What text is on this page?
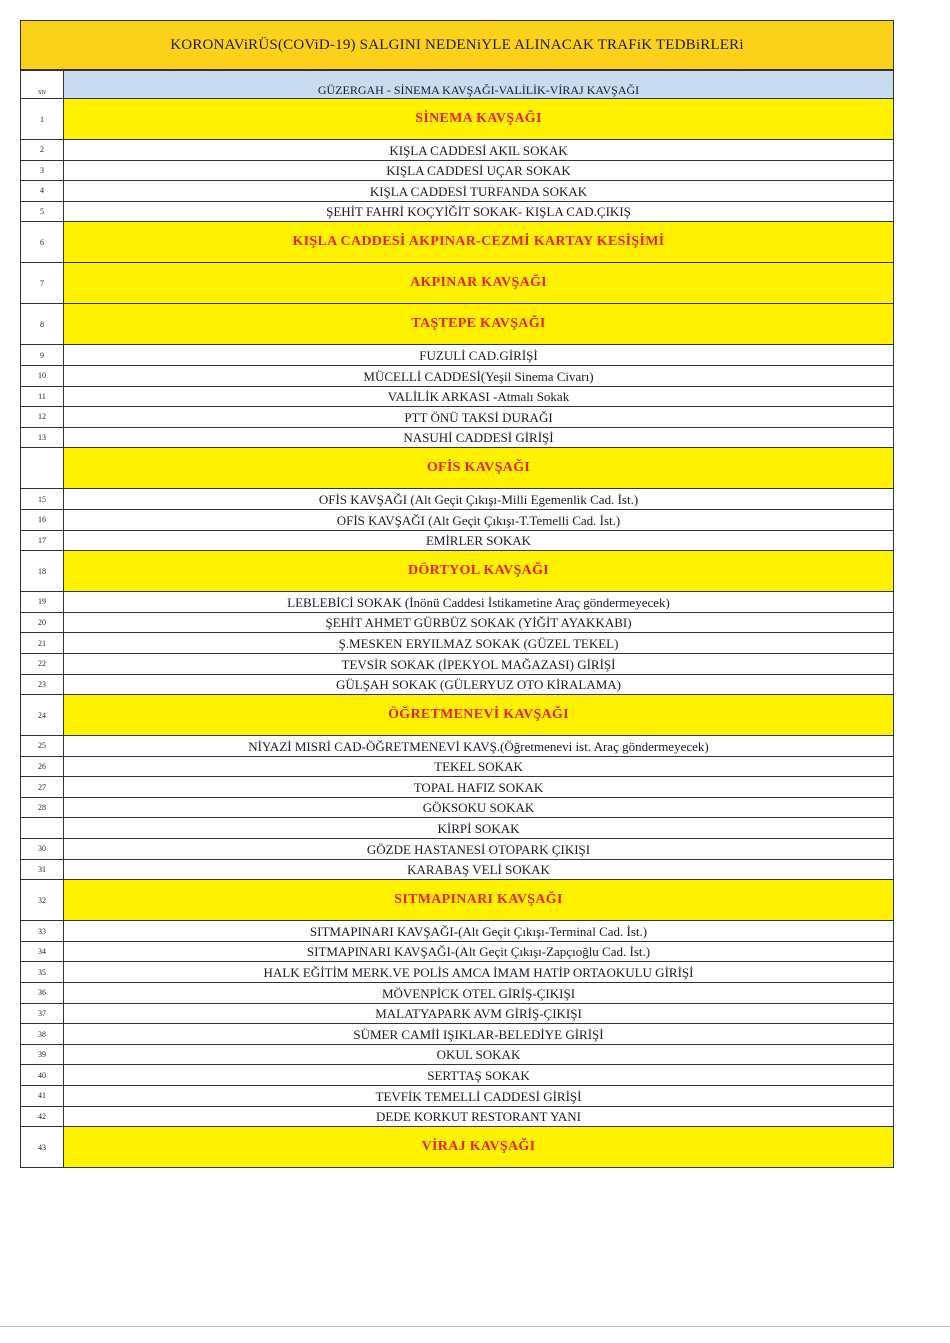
KORONAViRÜS(COViD-19) SALGINI NEDENiYLE ALINACAK TRAFiK TEDBiRLERi
SN	GÜZERGAH - SİNEMA KAVŞAĞI-VALİLİK-VİRAJ KAVŞAĞI
1	SİNEMA KAVŞAĞI
2	KIŞLA CADDESİ AKIL SOKAK
3	KIŞLA CADDESİ UÇAR SOKAK
4	KIŞLA CADDESİ TURFANDA SOKAK
5	ŞEHİT FAHRİ KOÇYİĞİT SOKAK- KIŞLA CAD.ÇIKIŞ
6	KIŞLA CADDESİ AKPINAR-CEZMİ KARTAY KESİŞİMİ
7	AKPINAR KAVŞAĞI
8	TAŞTEPE KAVŞAĞI
9	FUZULİ CAD.GİRİŞİ
10	MÜCELLİ CADDESİ(Yeşil Sinema Civarı)
11	VALİLİK ARKASI -Atmalı Sokak
12	PTT ÖNÜ TAKSİ DURAĞI
13	NASUHİ CADDESİ GİRİŞİ
	OFİS KAVŞAĞI
15	OFİS KAVŞAĞI (Alt Geçit Çıkışı-Milli Egemenlik Cad. İst.)
16	OFİS KAVŞAĞI (Alt Geçit Çıkışı-T.Temelli Cad. İst.)
17	EMİRLER SOKAK
18	DÖRTYOL KAVŞAĞI
19	LEBLEBİCİ SOKAK (İnönü Caddesi İstikametine Araç göndermeyecek)
20	ŞEHİT AHMET GÜRBÜZ SOKAK (YİĞİT AYAKKABI)
21	Ş.MESKEN ERYILMAZ SOKAK (GÜZEL TEKEL)
22	TEVSİR SOKAK (İPEKYOL MAĞAZASI) GİRİŞİ
23	GÜLŞAH SOKAK (GÜLERYUZ OTO KİRALAMA)
24	ÖĞRETMENEVİ KAVŞAĞI
25	NİYAZİ MISRİ CAD-ÖĞRETMENEVİ KAVŞ.(Öğretmenevi ist. Araç göndermeyecek)
26	TEKEL SOKAK
27	TOPAL HAFIZ SOKAK
28	GÖKSOKU SOKAK
	KİRPİ SOKAK
30	GÖZDE HASTANESİ OTOPARK ÇIKIŞI
31	KARABAŞ VELİ SOKAK
32	SITMAPINARI KAVŞAĞI
33	SITMAPINARI KAVŞAĞI-(Alt Geçit Çıkışı-Terminal Cad. İst.)
34	SITMAPINARI KAVŞAĞI-(Alt Geçit Çıkışı-Zapçıoğlu Cad. İst.)
35	HALK EĞİTİM MERK.VE POLİS AMCA İMAM HATİP ORTAOKULU GİRİŞİ
36	MÖVENPİCK OTEL GİRİŞ-ÇIKIŞI
37	MALATYAPARK AVM GİRİŞ-ÇIKIŞI
38	SÜMER CAMİİ IŞIKLAR-BELEDİYE GİRİŞİ
39	OKUL SOKAK
40	SERTTAŞ SOKAK
41	TEVFİK TEMELLİ CADDESİ GİRİŞİ
42	DEDE KORKUT RESTORANT YANI
43	VİRAJ KAVŞAĞI
